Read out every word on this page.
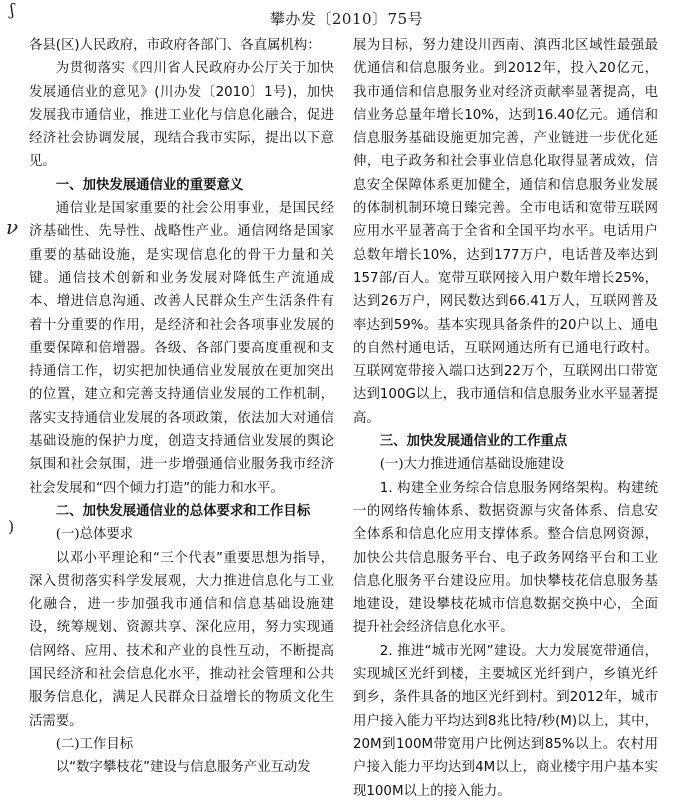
ʃ
ν
)
攀办发〔2010〕75号

各县(区)人民政府，市政府各部门、各直属机构：

为贯彻落实《四川省人民政府办公厅关于加快发展通信业的意见》(川办发〔2010〕1号)，加快发展我市通信业，推进工业化与信息化融合，促进经济社会协调发展，现结合我市实际，提出以下意见。

一、加快发展通信业的重要意义

通信业是国家重要的社会公用事业，是国民经济基础性、先导性、战略性产业。通信网络是国家重要的基础设施，是实现信息化的骨干力量和关键。通信技术创新和业务发展对降低生产流通成本、增进信息沟通、改善人民群众生产生活条件有着十分重要的作用，是经济和社会各项事业发展的重要保障和倍增器。各级、各部门要高度重视和支持通信工作，切实把加快通信业发展放在更加突出的位置，建立和完善支持通信业发展的工作机制，落实支持通信业发展的各项政策，依法加大对通信基础设施的保护力度，创造支持通信业发展的舆论氛围和社会氛围，进一步增强通信业服务我市经济社会发展和“四个倾力打造”的能力和水平。

二、加快发展通信业的总体要求和工作目标

(一)总体要求

以邓小平理论和“三个代表”重要思想为指导，深入贯彻落实科学发展观，大力推进信息化与工业化融合，进一步加强我市通信和信息基础设施建设，统筹规划、资源共享、深化应用，努力实现通信网络、应用、技术和产业的良性互动，不断提高国民经济和社会信息化水平，推动社会管理和公共服务信息化，满足人民群众日益增长的物质文化生活需要。

(二)工作目标

以“数字攀枝花”建设与信息服务产业互动发

展为目标，努力建设川西南、滇西北区域性最强最优通信和信息服务业。到2012年，投入20亿元，我市通信和信息服务业对经济贡献率显著提高，电信业务总量年增长10%，达到16.40亿元。通信和信息服务基础设施更加完善，产业链进一步优化延伸，电子政务和社会事业信息化取得显著成效，信息安全保障体系更加健全，通信和信息服务业发展的体制机制环境日臻完善。全市电话和宽带互联网应用水平显著高于全省和全国平均水平。电话用户总数年增长10%，达到177万户，电话普及率达到157部/百人。宽带互联网接入用户数年增长25%，达到26万户，网民数达到66.41万人，互联网普及率达到59%。基本实现具备条件的20户以上、通电的自然村通电话，互联网通达所有已通电行政村。互联网宽带接入端口达到22万个，互联网出口带宽达到100G以上，我市通信和信息服务业水平显著提高。

三、加快发展通信业的工作重点

(一)大力推进通信基础设施建设

1. 构建全业务综合信息服务网络架构。构建统一的网络传输体系、数据资源与灾备体系、信息安全体系和信息化应用支撑体系。整合信息网资源，加快公共信息服务平台、电子政务网络平台和工业信息化服务平台建设应用。加快攀枝花信息服务基地建设，建设攀枝花城市信息数据交换中心，全面提升社会经济信息化水平。

2. 推进“城市光网”建设。大力发展宽带通信，实现城区光纤到楼，主要城区光纤到户，乡镇光纤到乡，条件具备的地区光纤到村。到2012年，城市用户接入能力平均达到8兆比特/秒(M)以上，其中，20M到100M带宽用户比例达到85%以上。农村用户接入能力平均达到4M以上，商业楼宇用户基本实现100M以上的接入能力。
